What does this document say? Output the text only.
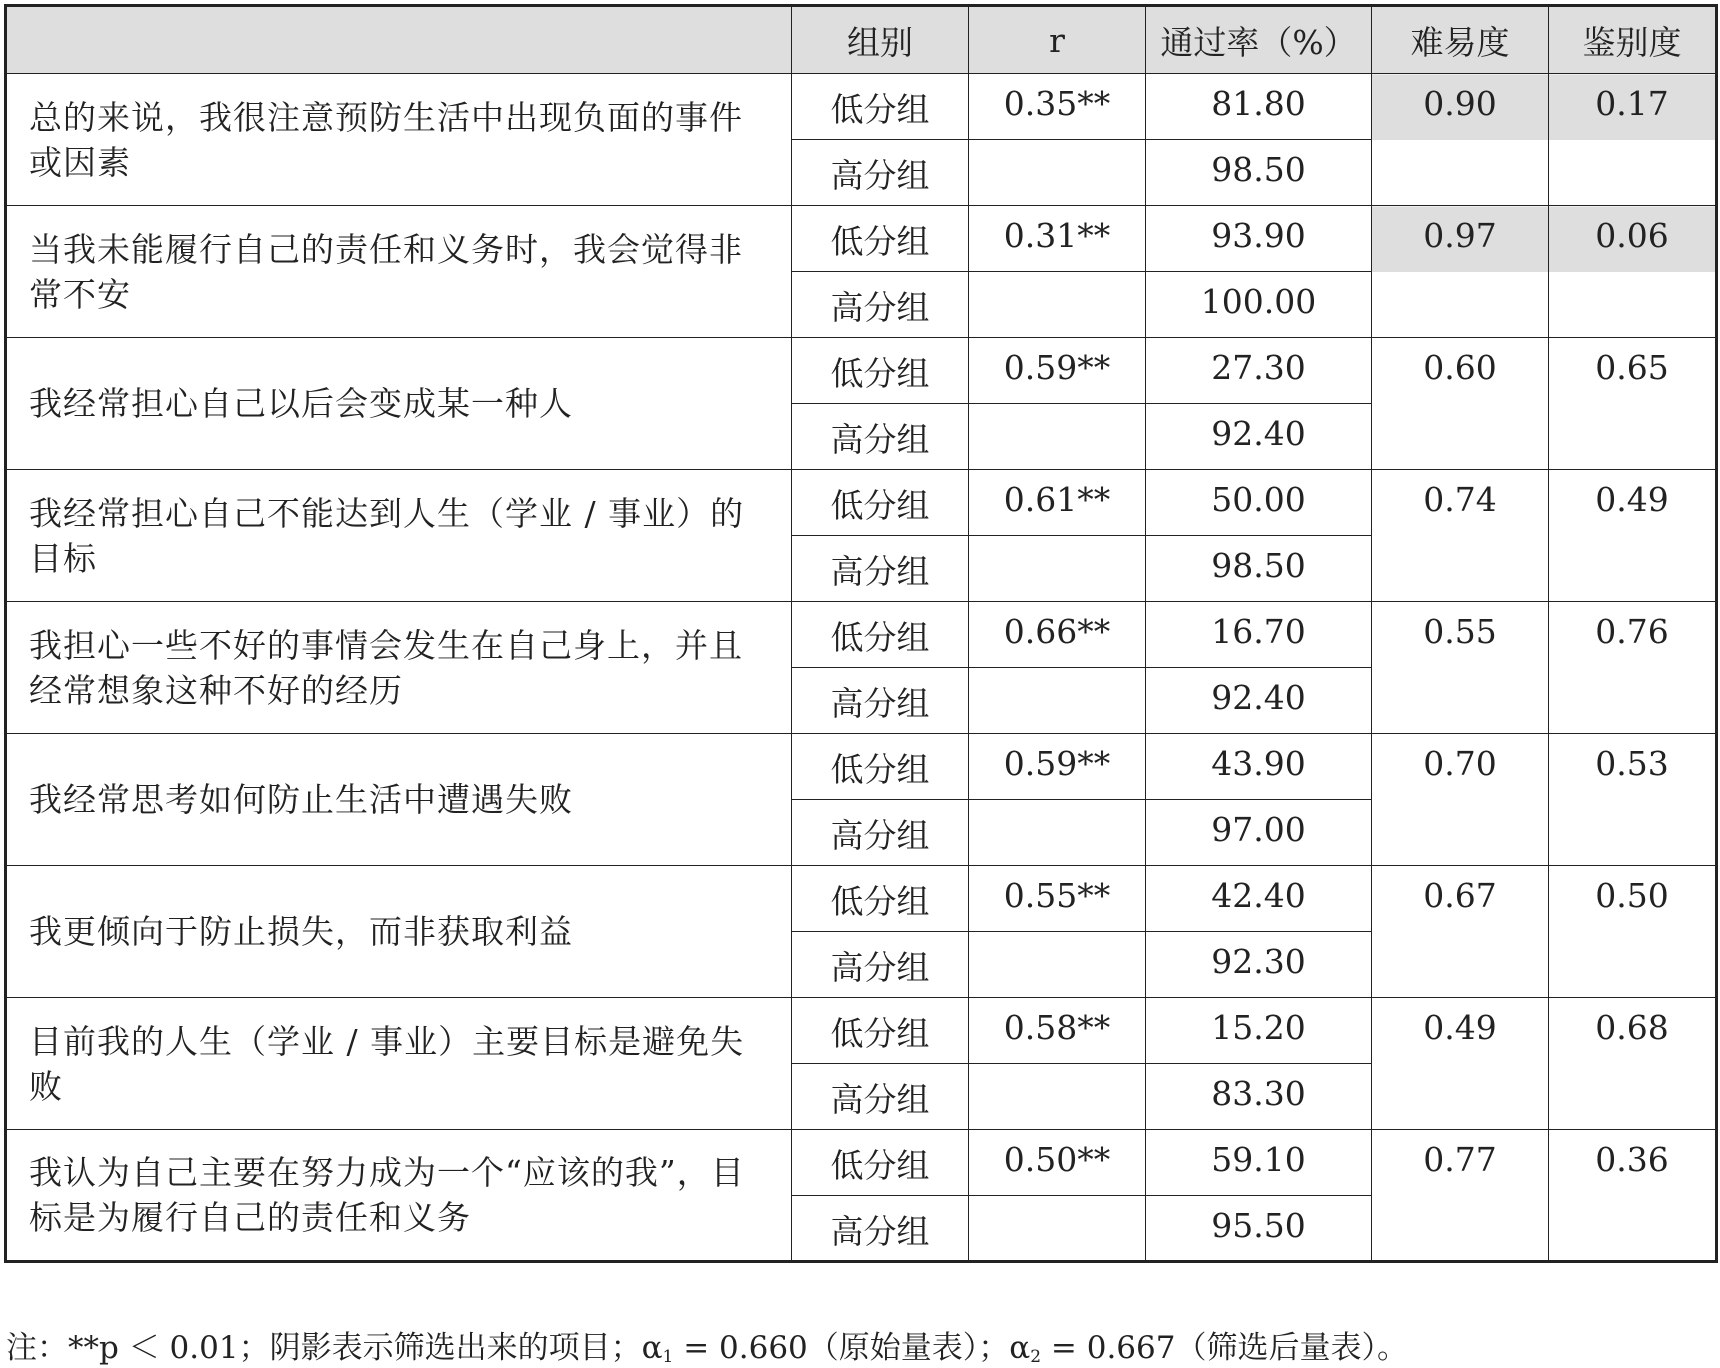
	组别	r	通过率（%）	难易度	鉴别度
总的来说，我很注意预防生活中出现负面的事件或因素	低分组	0.35**	81.80	0.90	0.17
	高分组		98.50		
当我未能履行自己的责任和义务时，我会觉得非常不安	低分组	0.31**	93.90	0.97	0.06
	高分组		100.00		
我经常担心自己以后会变成某一种人	低分组	0.59**	27.30	0.60	0.65
	高分组		92.40		
我经常担心自己不能达到人生（学业 / 事业）的目标	低分组	0.61**	50.00	0.74	0.49
	高分组		98.50		
我担心一些不好的事情会发生在自己身上，并且经常想象这种不好的经历	低分组	0.66**	16.70	0.55	0.76
	高分组		92.40		
我经常思考如何防止生活中遭遇失败	低分组	0.59**	43.90	0.70	0.53
	高分组		97.00		
我更倾向于防止损失，而非获取利益	低分组	0.55**	42.40	0.67	0.50
	高分组		92.30		
目前我的人生（学业 / 事业）主要目标是避免失败	低分组	0.58**	15.20	0.49	0.68
	高分组		83.30		
我认为自己主要在努力成为一个“应该的我”，目标是为履行自己的责任和义务	低分组	0.50**	59.10	0.77	0.36
	高分组		95.50		
注：**p ＜ 0.01；阴影表示筛选出来的项目；$\alpha_1 = 0.660$（原始量表）；$\alpha_2 = 0.667$（筛选后量表）。
